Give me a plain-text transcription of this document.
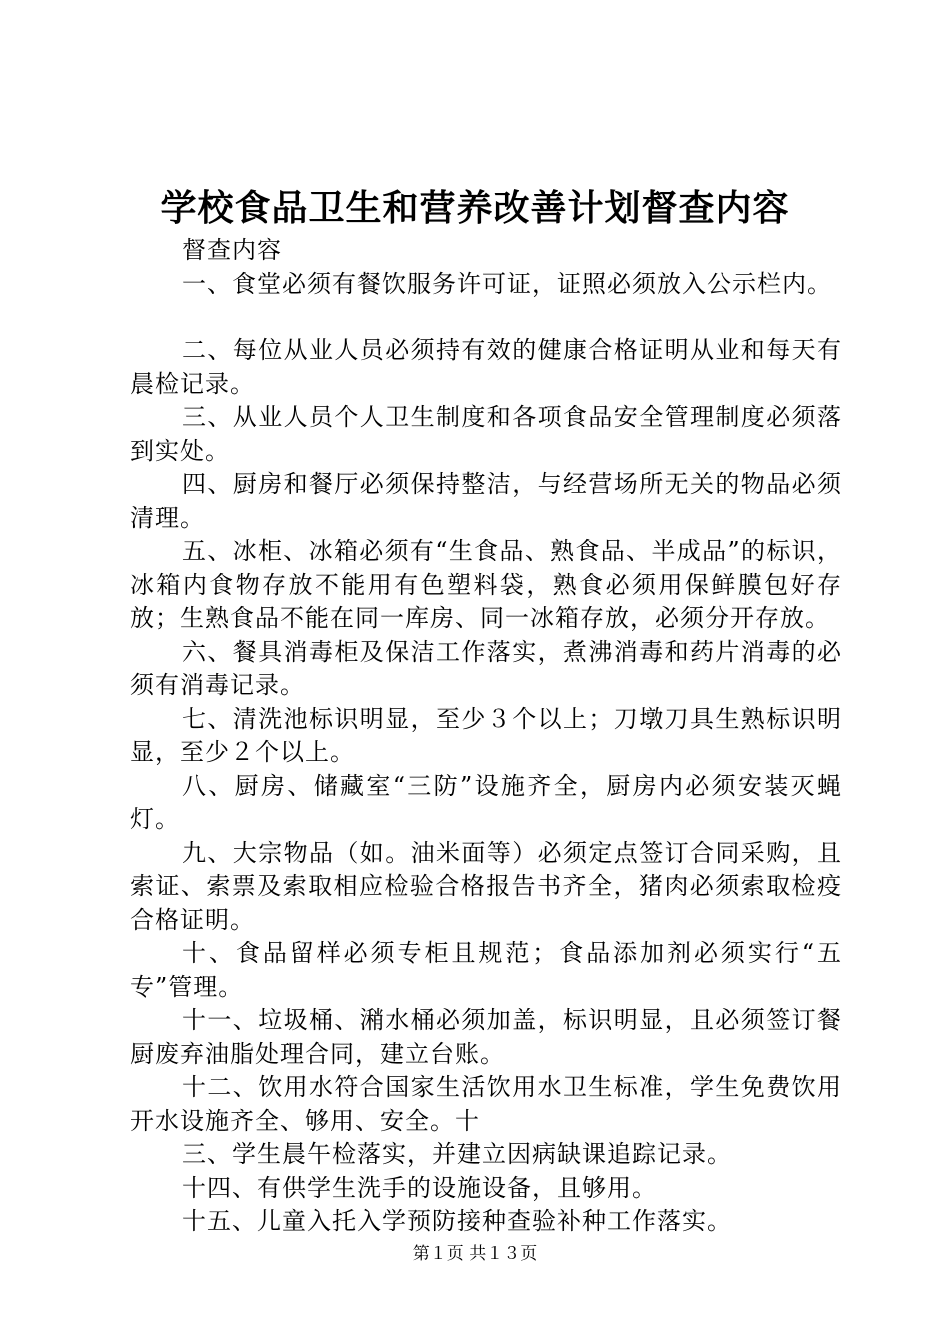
学校食品卫生和营养改善计划督查内容

督查内容

一、食堂必须有餐饮服务许可证，证照必须放入公示栏内。

二、每位从业人员必须持有效的健康合格证明从业和每天有晨检记录。

三、从业人员个人卫生制度和各项食品安全管理制度必须落到实处。

四、厨房和餐厅必须保持整洁，与经营场所无关的物品必须清理。

五、冰柜、冰箱必须有“生食品、熟食品、半成品”的标识，冰箱内食物存放不能用有色塑料袋，熟食必须用保鲜膜包好存放；生熟食品不能在同一库房、同一冰箱存放，必须分开存放。

六、餐具消毒柜及保洁工作落实，煮沸消毒和药片消毒的必须有消毒记录。

七、清洗池标识明显，至少３个以上；刀墩刀具生熟标识明显，至少２个以上。

八、厨房、储藏室“三防”设施齐全，厨房内必须安装灭蝇灯。

九、大宗物品（如。油米面等）必须定点签订合同采购，且索证、索票及索取相应检验合格报告书齐全，猪肉必须索取检疫合格证明。

十、食品留样必须专柜且规范；食品添加剂必须实行“五专”管理。

十一、垃圾桶、潲水桶必须加盖，标识明显，且必须签订餐厨废弃油脂处理合同，建立台账。

十二、饮用水符合国家生活饮用水卫生标准，学生免费饮用开水设施齐全、够用、安全。十

三、学生晨午检落实，并建立因病缺课追踪记录。

十四、有供学生洗手的设施设备，且够用。

十五、儿童入托入学预防接种查验补种工作落实。

第１页 共１３页
